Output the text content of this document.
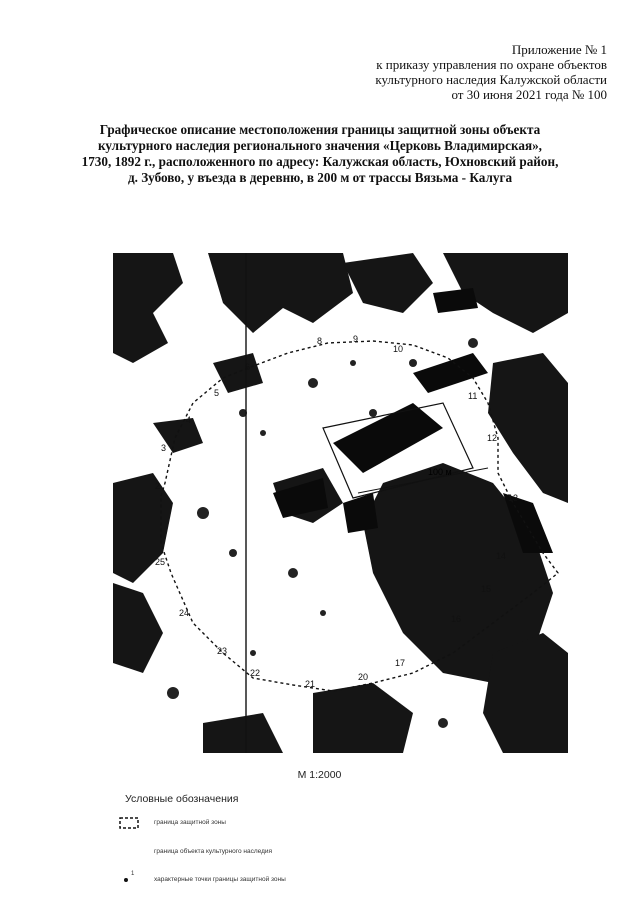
Приложение № 1
к приказу управления по охране объектов
культурного наследия Калужской области
от 30 июня 2021 года № 100
Графическое описание местоположения границы защитной зоны объекта
культурного наследия регионального значения «Церковь Владимирская»,
1730, 1892 г., расположенного по адресу: Калужская область, Юхновский район,
д. Зубово, у въезда в деревню, в 200 м от трассы Вязьма - Калуга
100 м
2
3
4
5
6
8	9
10
11
12
13
14
15
16
17
20
21
22
23
24
25
М 1:2000
Условные обозначения
граница защитной зоны
граница объекта культурного наследия
1
характерные точки границы защитной зоны
